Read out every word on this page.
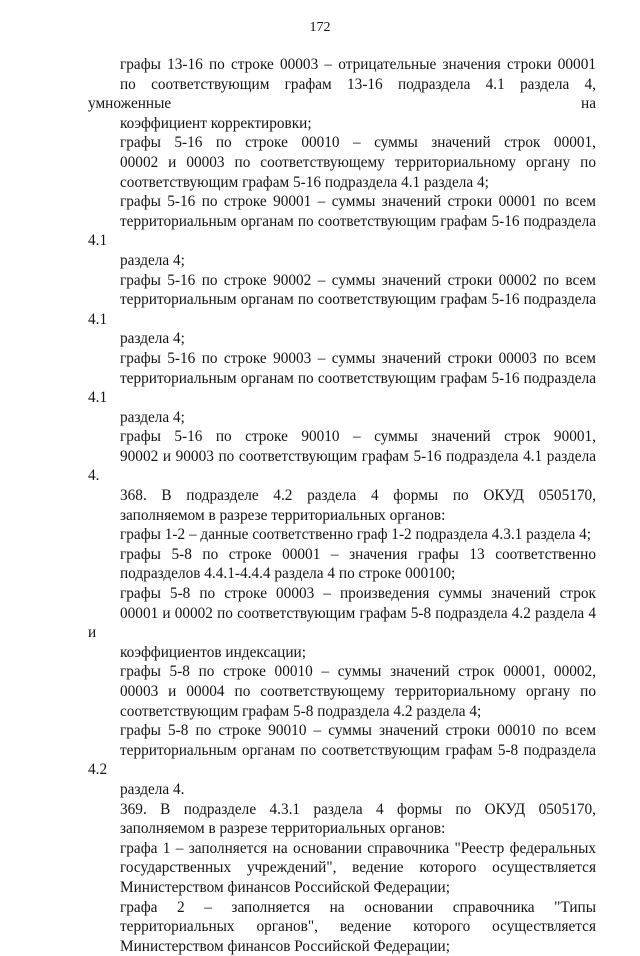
172

графы 13-16 по строке 00003 – отрицательные значения строки 00001
по соответствующим графам 13-16 подраздела 4.1 раздела 4, умноженные на
коэффициент корректировки;

графы 5-16 по строке 00010 – суммы значений строк 00001,
00002 и 00003 по соответствующему территориальному органу по
соответствующим графам 5-16 подраздела 4.1 раздела 4;

графы 5-16 по строке 90001 – суммы значений строки 00001 по всем
территориальным органам по соответствующим графам 5-16 подраздела 4.1
раздела 4;

графы 5-16 по строке 90002 – суммы значений строки 00002 по всем
территориальным органам по соответствующим графам 5-16 подраздела 4.1
раздела 4;

графы 5-16 по строке 90003 – суммы значений строки 00003 по всем
территориальным органам по соответствующим графам 5-16 подраздела 4.1
раздела 4;

графы 5-16 по строке 90010 – суммы значений строк 90001,
90002 и 90003 по соответствующим графам 5-16 подраздела 4.1 раздела 4.

368. В подразделе 4.2 раздела 4 формы по ОКУД 0505170,
заполняемом в разрезе территориальных органов:

графы 1-2 – данные соответственно граф 1-2 подраздела 4.3.1 раздела 4;

графы 5-8 по строке 00001 – значения графы 13 соответственно
подразделов 4.4.1-4.4.4 раздела 4 по строке 000100;

графы 5-8 по строке 00003 – произведения суммы значений строк
00001 и 00002 по соответствующим графам 5-8 подраздела 4.2 раздела 4 и
коэффициентов индексации;

графы 5-8 по строке 00010 – суммы значений строк 00001, 00002,
00003 и 00004 по соответствующему территориальному органу по
соответствующим графам 5-8 подраздела 4.2 раздела 4;

графы 5-8 по строке 90010 – суммы значений строки 00010 по всем
территориальным органам по соответствующим графам 5-8 подраздела 4.2
раздела 4.

369. В подразделе 4.3.1 раздела 4 формы по ОКУД 0505170,
заполняемом в разрезе территориальных органов:

графа 1 – заполняется на основании справочника "Реестр федеральных
государственных учреждений", ведение которого осуществляется
Министерством финансов Российской Федерации;

графа 2 – заполняется на основании справочника "Типы
территориальных органов", ведение которого осуществляется
Министерством финансов Российской Федерации;
